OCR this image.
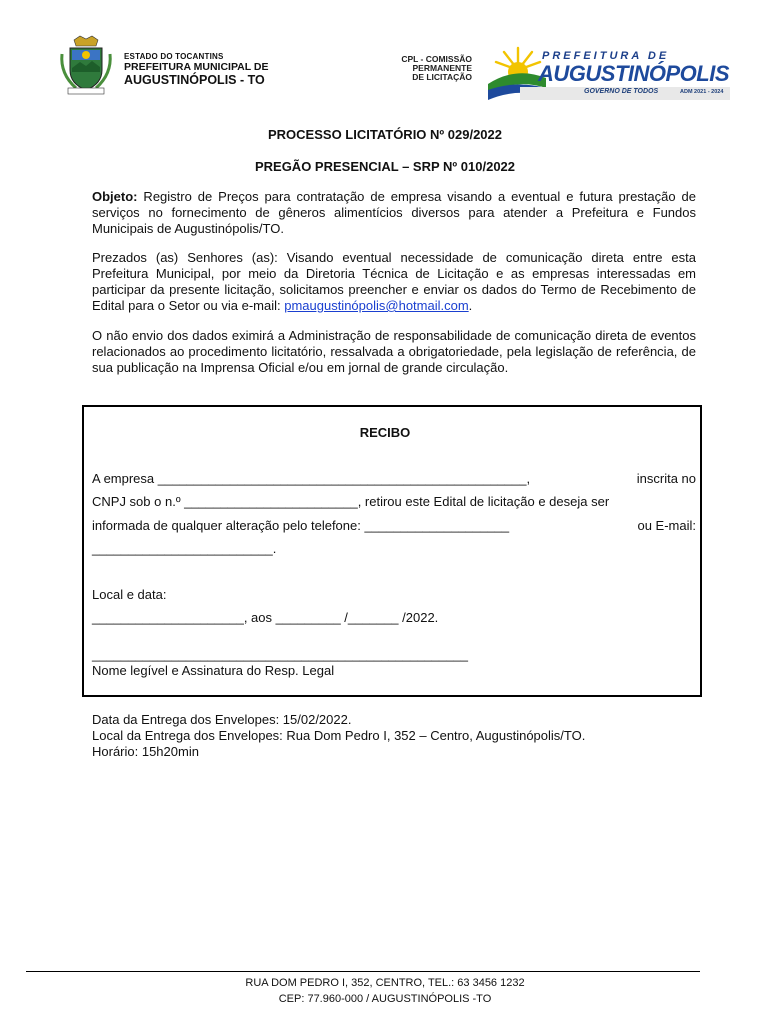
ESTADO DO TOCANTINS
PREFEITURA MUNICIPAL DE
AUGUSTINÓPOLIS - TO
CPL - COMISSÃO
PERMANENTE
DE LICITAÇÃO
PREFEITURA DE
AUGUSTINÓPOLIS
GOVERNO DE TODOS	ADM 2021 - 2024
PROCESSO LICITATÓRIO Nº 029/2022
PREGÃO PRESENCIAL – SRP Nº 010/2022

Objeto: Registro de Preços para contratação de empresa visando a eventual e futura prestação de serviços no fornecimento de gêneros alimentícios diversos para atender a Prefeitura e Fundos Municipais de Augustinópolis/TO.

Prezados (as) Senhores (as): Visando eventual necessidade de comunicação direta entre esta Prefeitura Municipal, por meio da Diretoria Técnica de Licitação e as empresas interessadas em participar da presente licitação, solicitamos preencher e enviar os dados do Termo de Recebimento de Edital para o Setor ou via e-mail: pmaugustinópolis@hotmail.com.

O não envio dos dados eximirá a Administração de responsabilidade de comunicação direta de eventos relacionados ao procedimento licitatório, ressalvada a obrigatoriedade, pela legislação de referência, de sua publicação na Imprensa Oficial e/ou em jornal de grande circulação.

RECIBO
A empresa ___________________________________________________,	inscrita no
CNPJ sob o n.º ________________________, retirou este Edital de licitação e deseja ser
informada de qualquer alteração pelo telefone: ____________________	ou E-mail:
_________________________.
Local e data:
_____________________, aos _________ /_______ /2022.
____________________________________________________
Nome legível e Assinatura do Resp. Legal

Data da Entrega dos Envelopes: 15/02/2022.

Local da Entrega dos Envelopes: Rua Dom Pedro I, 352 – Centro, Augustinópolis/TO.

Horário: 15h20min

RUA DOM PEDRO I, 352, CENTRO, TEL.: 63 3456 1232
CEP: 77.960-000 / AUGUSTINÓPOLIS -TO
